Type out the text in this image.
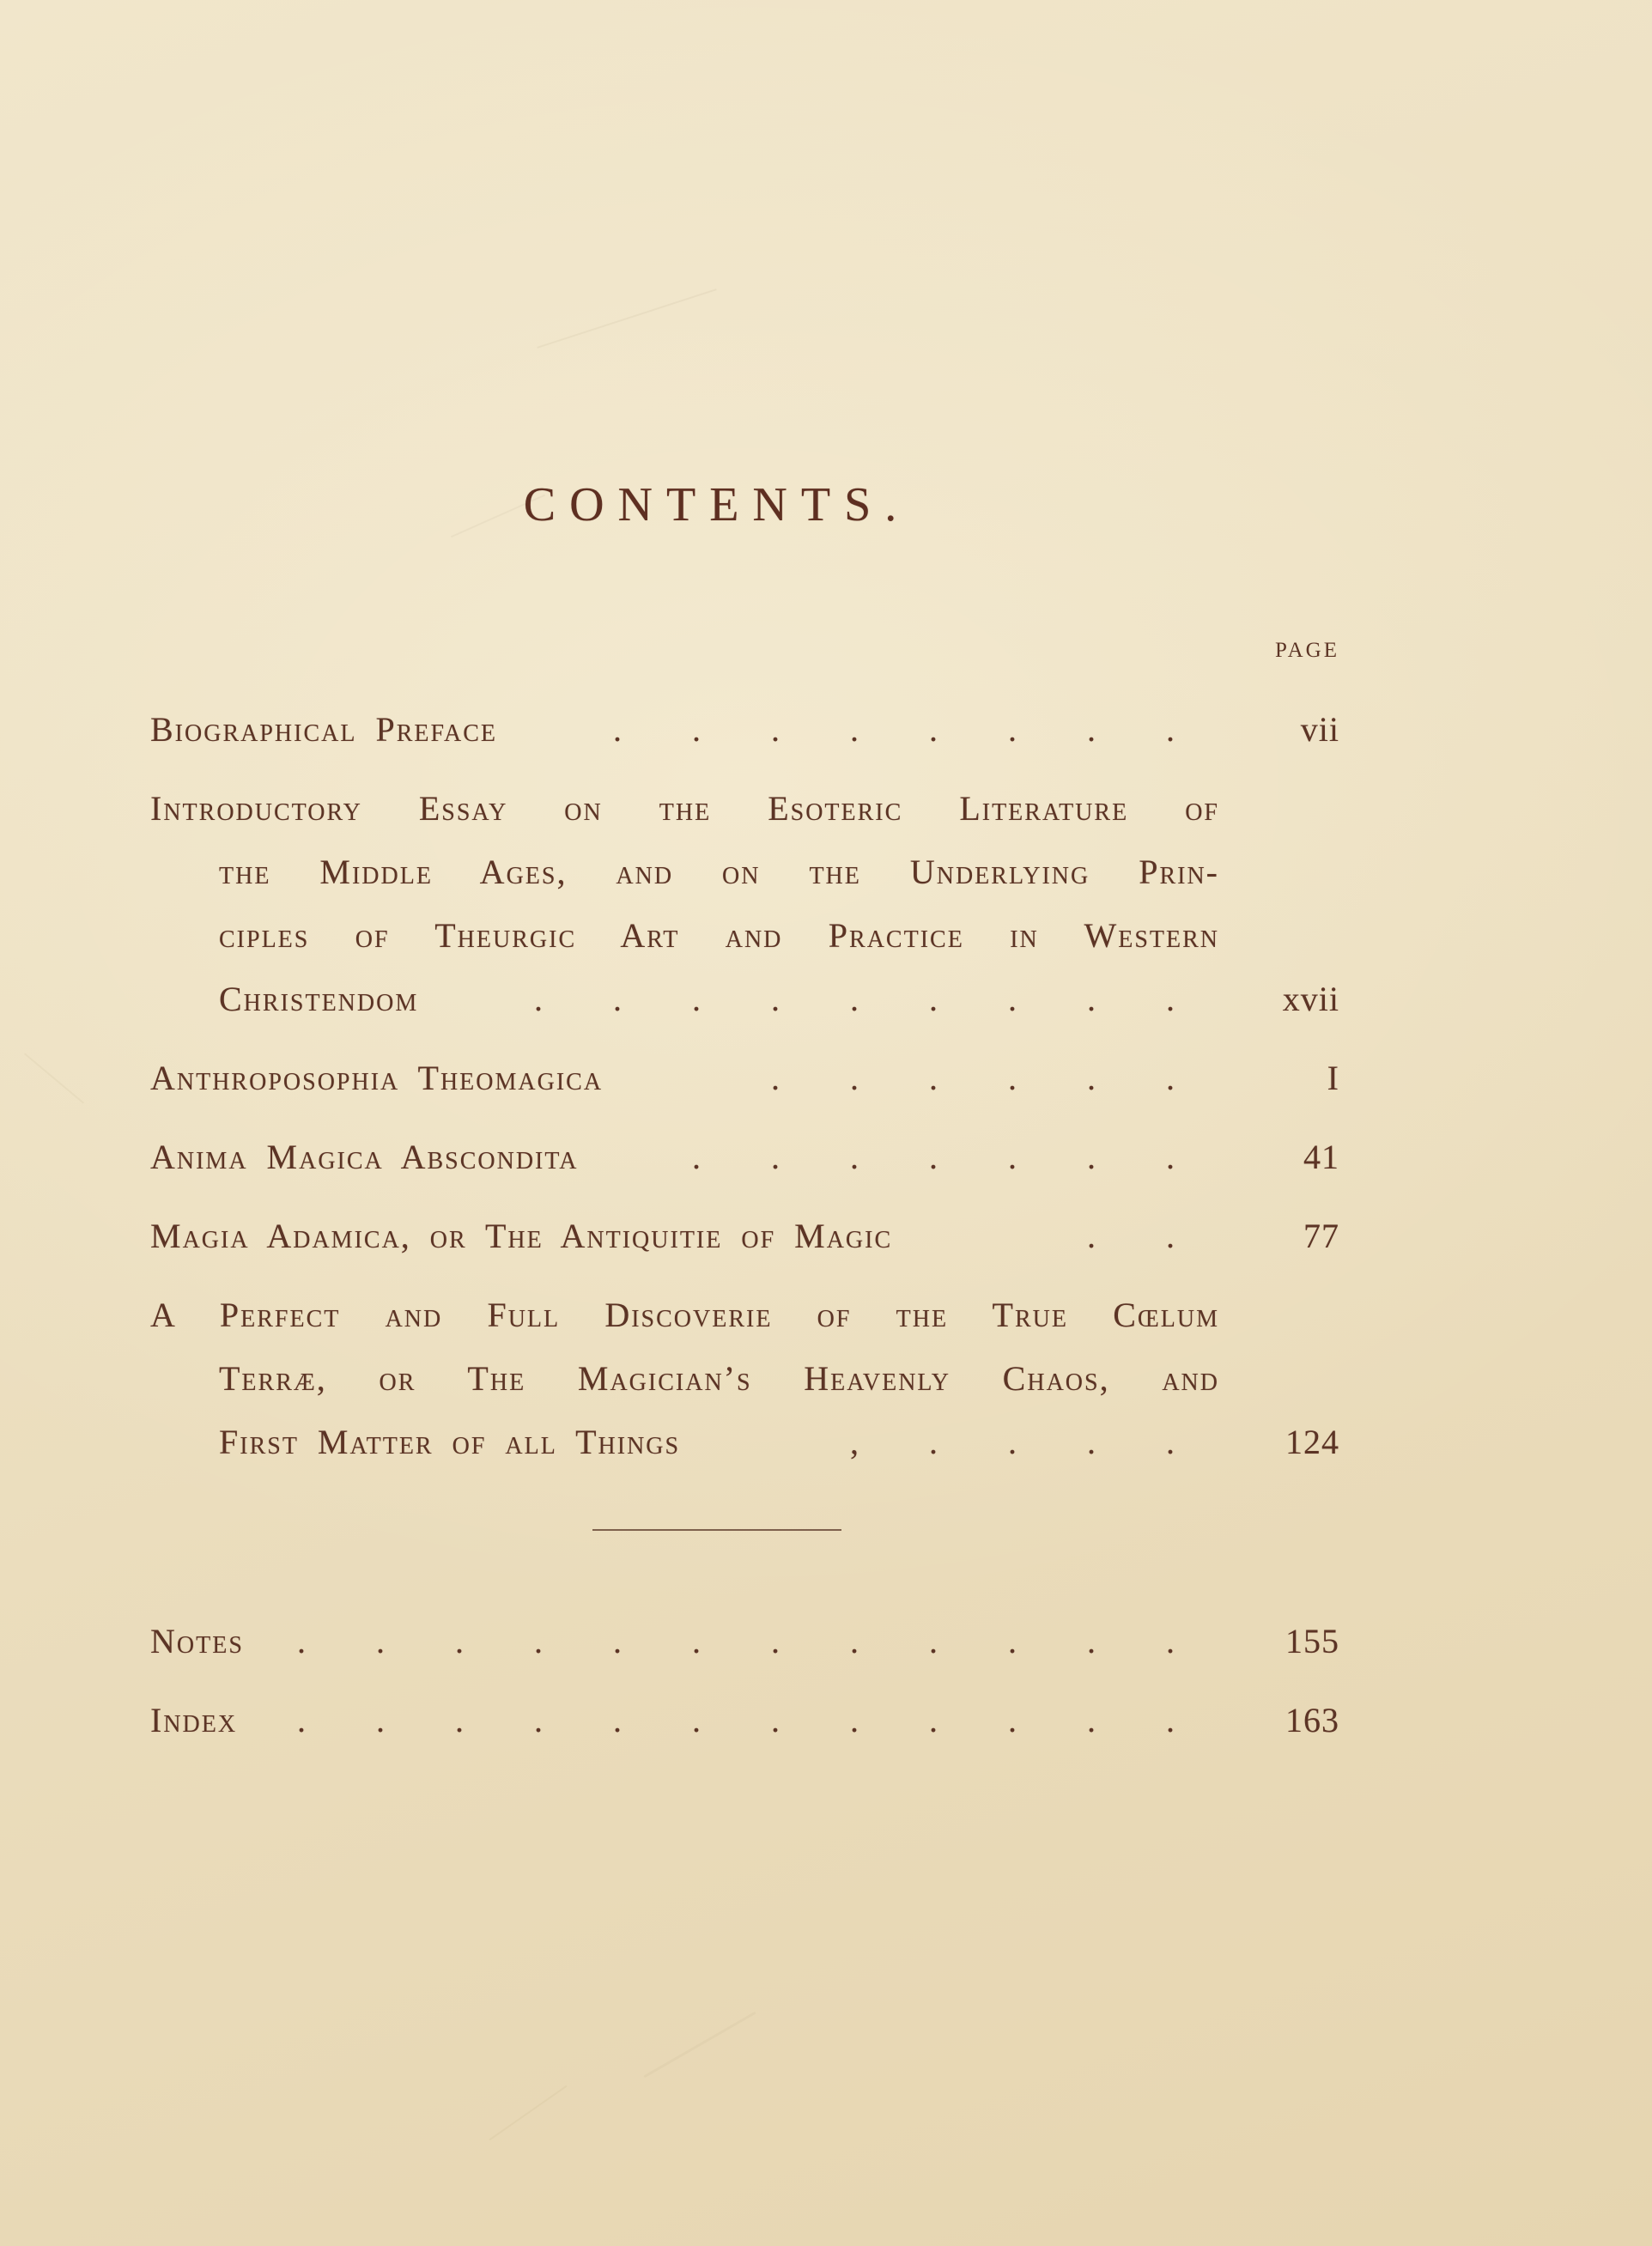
CONTENTS.
PAGE
Biographical Preface	. . . . . . . .	vii
Introductory Essay on the Esoteric Literature of
the Middle Ages, and on the Underlying Prin-
ciples of Theurgic Art and Practice in Western
Christendom	. . . . . . . . .	xvii
Anthroposophia Theomagica	. . . . . .	I
Anima Magica Abscondita	. . . . . . .	41
Magia Adamica, or The Antiquitie of Magic	. .	77
A Perfect and Full Discoverie of the True Cœlum
Terræ, or The Magician’s Heavenly Chaos, and
First Matter of all Things	, . . . .	124
Notes	. . . . . . . . . . . .	155
Index	. . . . . . . . . . . .	163
